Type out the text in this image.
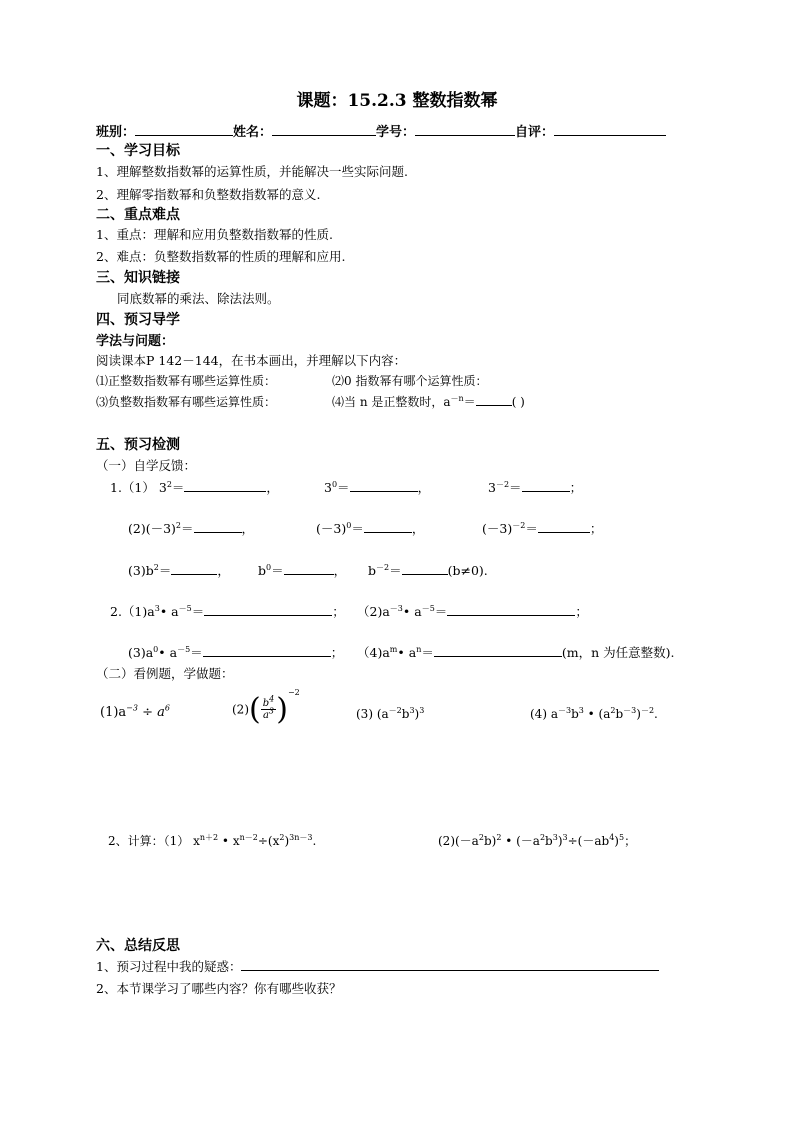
课题：15.2.3 整数指数幂
班别：	姓名：	学号：	自评：
一、学习目标
1、理解整数指数幂的运算性质，并能解决一些实际问题.
2、理解零指数幂和负整数指数幂的意义.
二、重点难点
1、重点：理解和应用负整数指数幂的性质.
2、难点：负整数指数幂的性质的理解和应用.
三、知识链接
同底数幂的乘法、除法法则。
四、预习导学
学法与问题：
阅读课本P 142－144，在书本画出，并理解以下内容：
⑴正整数指数幂有哪些运算性质：	⑵0 指数幂有哪个运算性质：
⑶负整数指数幂有哪些运算性质：	⑷当 n 是正整数时，$a^{-n}=$	( )
五、预习检测
（一）自学反馈：
1.（1） $3^2=$	，	$3^0=$	，	$3^{-2}=$	；
$(2)(-3)^2=$	，	$(-3)^0=$	，	$(-3)^{-2}=$	；
$(3)b^2=$	， $b^0=$	， $b^{-2}=$	(b≠0).
$2.(1)a^3•$ $a^{-5}=$	； $(2)a^{-3}•$ $a^{-5}=$	；
$(3)a^0•$ $a^{-5}=$	； $(4)a^m•$ $a^n=$	(m，n 为任意整数).
（二）看例题，学做题：
$(1)a^{-3} \div a^6$	$(2)( \frac{b^4}{a^3} )^{-2}$
(3) $(a^{-2}b^3)^3$	(4) $a^{-3}b^3$ • $(a^2b^{-3})^{-2}$.
2、计算：（1） $x^{n+2}$ • $x^{n-2}\div(x^2)^{3n-3}$.	$(2)(-a^2b)^2$ • $(-a^2b^3)^3\div(-ab^4)^5$；
六、总结反思
1、预习过程中我的疑惑：
2、本节课学习了哪些内容？你有哪些收获？
